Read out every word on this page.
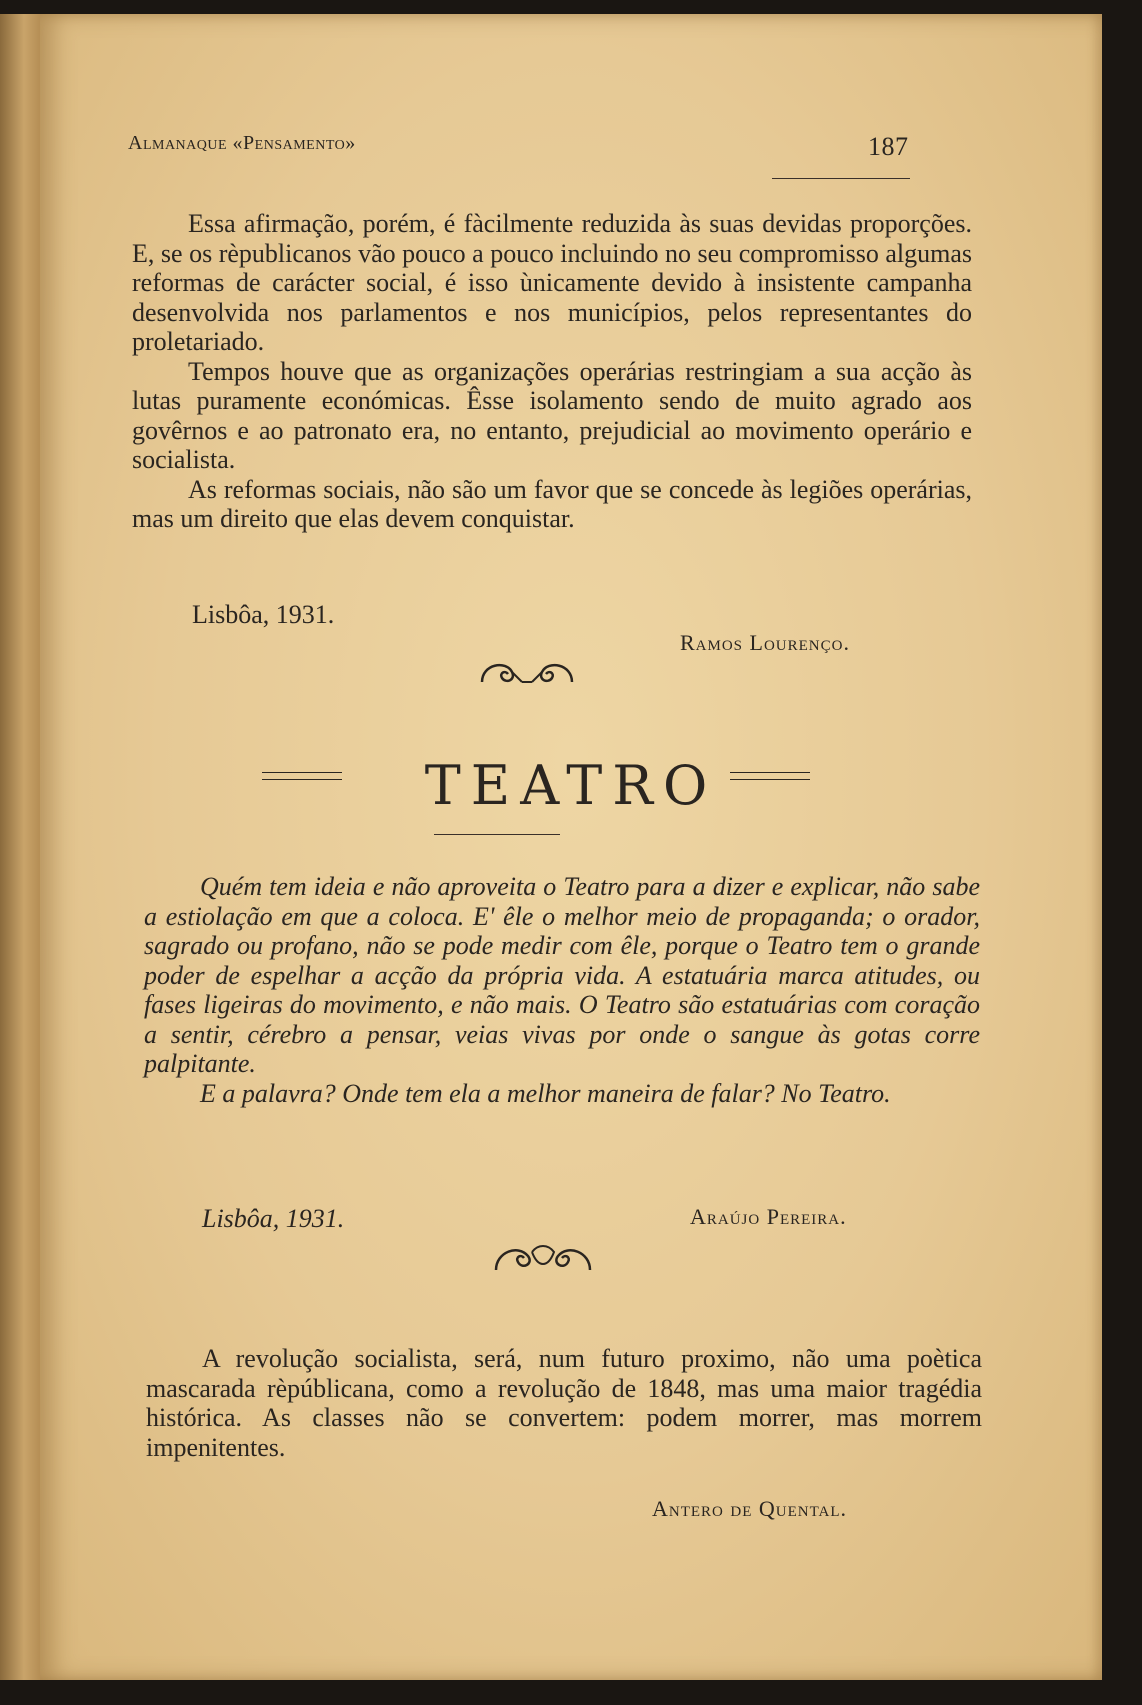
Almanaque «Pensamento»	187

Essa afirmação, porém, é fàcilmente reduzida às suas devidas proporções. E, se os rèpublicanos vão pouco a pouco incluindo no seu compromisso algumas reformas de carácter social, é isso ùnicamente devido à insistente campanha desenvolvida nos parlamentos e nos municípios, pelos representantes do proletariado.

Tempos houve que as organizações operárias restringiam a sua acção às lutas puramente económicas. Êsse isolamento sendo de muito agrado aos govêrnos e ao patronato era, no entanto, prejudicial ao movimento operário e socialista.

As reformas sociais, não são um favor que se concede às legiões operárias, mas um direito que elas devem conquistar.

Lisbôa, 1931.
Ramos Lourenço.
TEATRO

Quém tem ideia e não aproveita o Teatro para a dizer e explicar, não sabe a estiolação em que a coloca. E' êle o melhor meio de propaganda; o orador, sagrado ou profano, não se pode medir com êle, porque o Teatro tem o grande poder de espelhar a acção da própria vida. A estatuária marca atitudes, ou fases ligeiras do movimento, e não mais. O Teatro são estatuárias com coração a sentir, cérebro a pensar, veias vivas por onde o sangue às gotas corre palpitante.

E a palavra? Onde tem ela a melhor maneira de falar? No Teatro.

Lisbôa, 1931.	Araújo Pereira.

A revolução socialista, será, num futuro proximo, não uma poètica mascarada rèpúblicana, como a revolução de 1848, mas uma maior tragédia histórica. As classes não se convertem: podem morrer, mas morrem impenitentes.

Antero de Quental.
